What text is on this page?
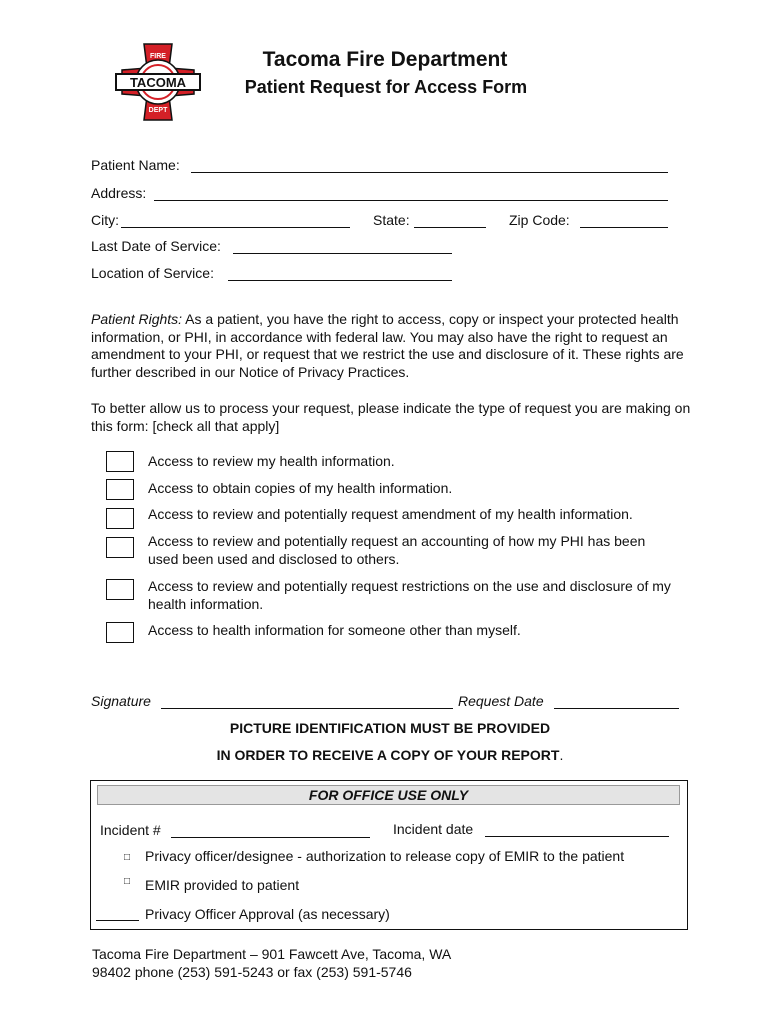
TACOMA
FIRE
DEPT
Tacoma Fire Department
Patient Request for Access Form
Patient Name:
Address:
City:	State:	Zip Code:
Last Date of Service:
Location of Service:
Patient Rights: As a patient, you have the right to access, copy or inspect your protected health information, or PHI, in accordance with federal law. You may also have the right to request an amendment to your PHI, or request that we restrict the use and disclosure of it. These rights are further described in our Notice of Privacy Practices.
To better allow us to process your request, please indicate the type of request you are making on this form: [check all that apply]
Access to review my health information.
Access to obtain copies of my health information.
Access to review and potentially request amendment of my health information.
Access to review and potentially request an accounting of how my PHI has been used been used and disclosed to others.
Access to review and potentially request restrictions on the use and disclosure of my health information.
Access to health information for someone other than myself.
Signature	Request Date
PICTURE IDENTIFICATION MUST BE PROVIDED
IN ORDER TO RECEIVE A COPY OF YOUR REPORT.
FOR OFFICE USE ONLY
Incident #	Incident date
□ Privacy officer/designee - authorization to release copy of EMIR to the patient
□ EMIR provided to patient
Privacy Officer Approval (as necessary)
Tacoma Fire Department – 901 Fawcett Ave, Tacoma, WA
98402 phone (253) 591-5243 or fax (253) 591-5746
